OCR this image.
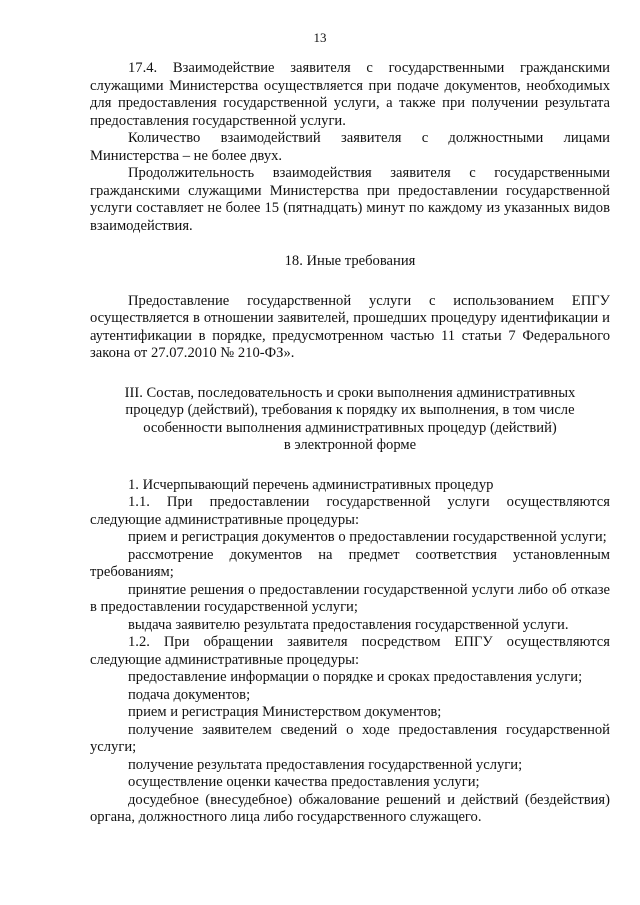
13

17.4. Взаимодействие заявителя с государственными гражданскими служащими Министерства осуществляется при подаче документов, необходимых для предоставления государственной услуги, а также при получении результата предоставления государственной услуги.

Количество взаимодействий заявителя с должностными лицами Министерства – не более двух.

Продолжительность взаимодействия заявителя с государственными гражданскими служащими Министерства при предоставлении государственной услуги составляет не более 15 (пятнадцать) минут по каждому из указанных видов взаимодействия.

18. Иные требования

Предоставление государственной услуги с использованием ЕПГУ осуществляется в отношении заявителей, прошедших процедуру идентификации и аутентификации в порядке, предусмотренном частью 11 статьи 7 Федерального закона от 27.07.2010 № 210-ФЗ».

III. Состав, последовательность и сроки выполнения административных

процедур (действий), требования к порядку их выполнения, в том числе

особенности выполнения административных процедур (действий)

в электронной форме

1. Исчерпывающий перечень административных процедур

1.1. При предоставлении государственной услуги осуществляются следующие административные процедуры:

прием и регистрация документов о предоставлении государственной услуги;

рассмотрение документов на предмет соответствия установленным требованиям;

принятие решения о предоставлении государственной услуги либо об отказе в предоставлении государственной услуги;

выдача заявителю результата предоставления государственной услуги.

1.2. При обращении заявителя посредством ЕПГУ осуществляются следующие административные процедуры:

предоставление информации о порядке и сроках предоставления услуги;

подача документов;

прием и регистрация Министерством документов;

получение заявителем сведений о ходе предоставления государственной услуги;

получение результата предоставления государственной услуги;

осуществление оценки качества предоставления услуги;

досудебное (внесудебное) обжалование решений и действий (бездействия) органа, должностного лица либо государственного служащего.
